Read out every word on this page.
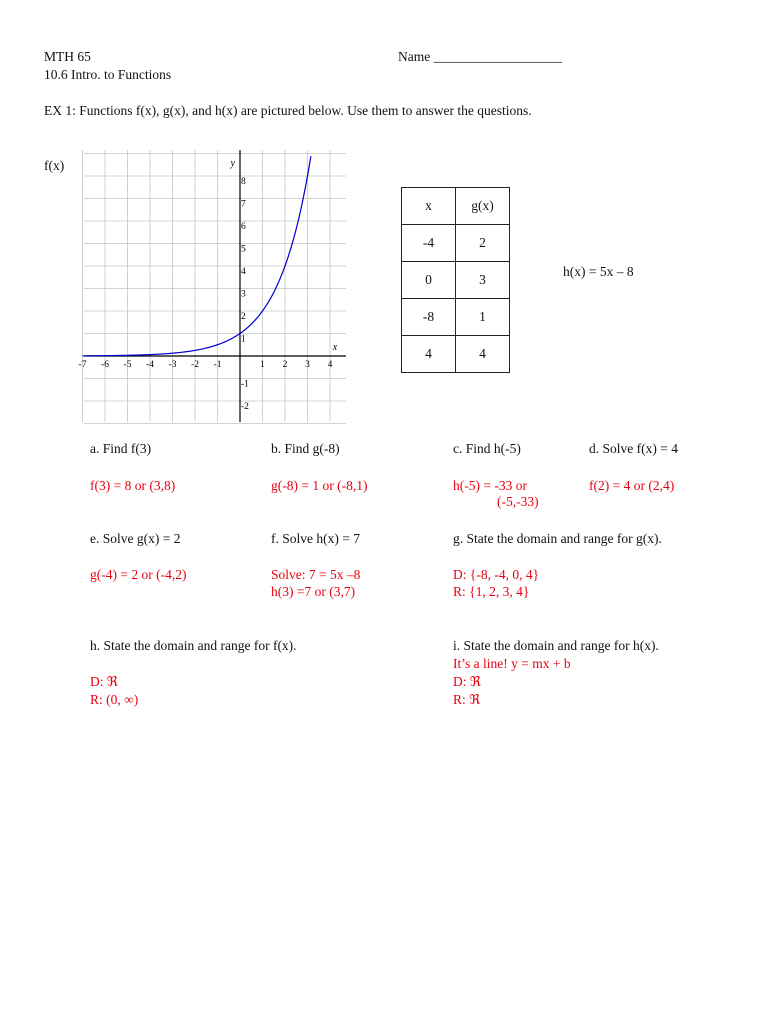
MTH 65
10.6 Intro. to Functions
Name ___________________
EX 1: Functions f(x), g(x), and h(x) are pictured below. Use them to answer the questions.
f(x)	y
x
-7 -6 -5 -4 -3 -2 -1	1 2 3 4
8
7
6
5
4
3
2
1
-1
-2
x	g(x)
-4	2
0	3
-8	1
4	4
h(x) = 5x – 8
a. Find f(3)
f(3) = 8 or (3,8)
b. Find g(-8)
g(-8) = 1 or (-8,1)
c. Find h(-5)
h(-5) = -33 or
(-5,-33)
d. Solve f(x) = 4
f(2) = 4 or (2,4)
e. Solve g(x) = 2
g(-4) = 2 or (-4,2)
f. Solve h(x) = 7
Solve: 7 = 5x –8
h(3) =7 or (3,7)
g. State the domain and range for g(x).
D: {-8, -4, 0, 4}
R: {1, 2, 3, 4}
h. State the domain and range for f(x).
D: ℜ
R: (0, ∞)
i. State the domain and range for h(x).
It’s a line! y = mx + b
D: ℜ
R: ℜ
